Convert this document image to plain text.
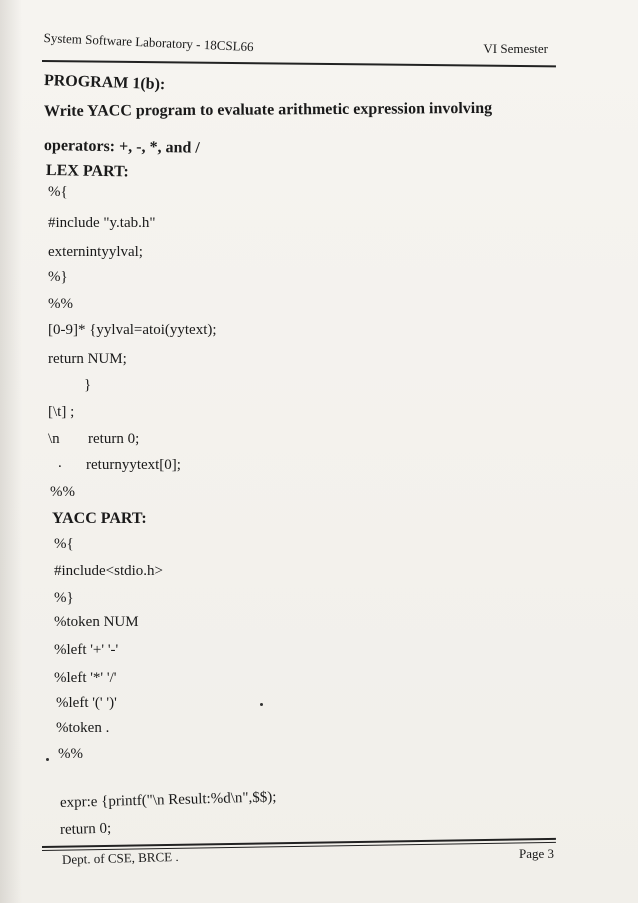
System Software Laboratory - 18CSL66	VI Semester
PROGRAM 1(b):
Write YACC program to evaluate arithmetic expression involving
operators: +, -, *, and /
LEX PART:
%{
#include "y.tab.h"
externintyylval;
%}
%%
[0-9]* {yylval=atoi(yytext);
return NUM;
}
[\t] ;
\n return 0;
. returnyytext[0];
%%
YACC PART:
%{
#include<stdio.h>
%}
%token NUM
%left '+' '-'
%left '*' '/'
%left '(' ')'
%token .
%%
expr:e {printf("\n Result:%d\n",$$);
return 0;
Dept. of CSE, BRCE .	Page 3
